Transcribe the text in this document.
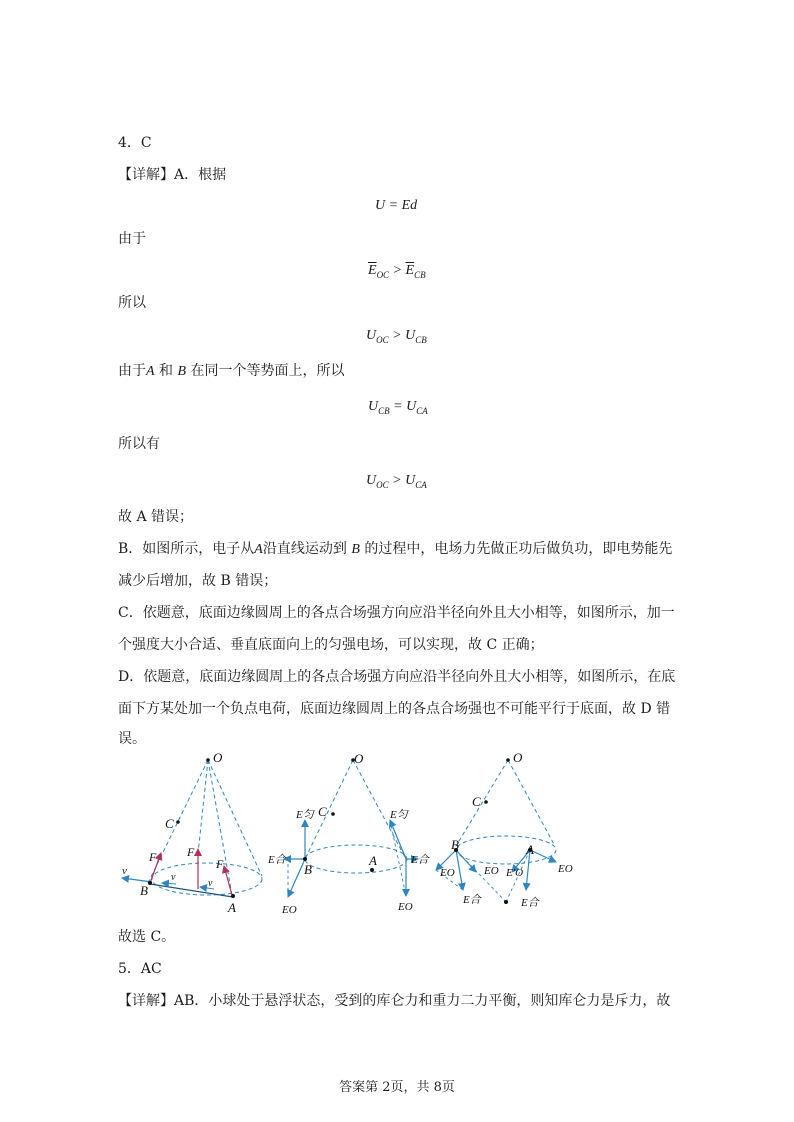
4．C
【详解】A．根据
U = Ed
由于
$\overline{E}_{OC} > \overline{E}_{CB}$
所以
$U_{OC} > U_{CB}$
由于A 和 B 在同一个等势面上，所以
$U_{CB} = U_{CA}$
所以有
$U_{OC} > U_{CA}$
故 A 错误；
B．如图所示，电子从A沿直线运动到 B 的过程中，电场力先做正功后做负功，即电势能先
减少后增加，故 B 错误；
C．依题意，底面边缘圆周上的各点合场强方向应沿半径向外且大小相等，如图所示，加一
个强度大小合适、垂直底面向上的匀强电场，可以实现，故 C 正确；
D．依题意，底面边缘圆周上的各点合场强方向应沿半径向外且大小相等，如图所示，在底
面下方某处加一个负点电荷，底面边缘圆周上的各点合场强也不可能平行于底面，故 D 错
误。
O
C
F	F
F
v
v
v
B
A
O
C
E匀	E匀
E合	E合
B
A
EO	EO
O
C
B	A
EO	EO E′O	EO
E合	E合
故选 C。
5．AC
【详解】AB．小球处于悬浮状态，受到的库仑力和重力二力平衡，则知库仑力是斥力，故
答案第 2页，共 8页
